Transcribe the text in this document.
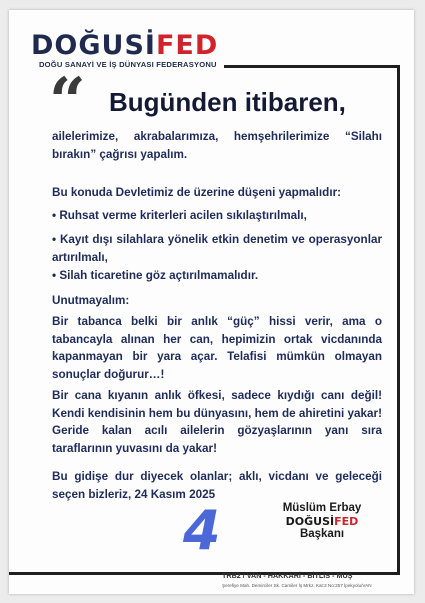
DOĞUSİ FED
DOĞU SANAYİ VE İŞ DÜNYASI FEDERASYONU
“ Bugünden itibaren,

ailelerimize, akrabalarımıza, hemşehrilerimize “Silahı bırakın” çağrısı yapalım.

Bu konuda Devletimiz de üzerine düşeni yapmalıdır:

• Ruhsat verme kriterleri acilen sıkılaştırılmalı,
• Kayıt dışı silahlara yönelik etkin denetim ve operasyonlar artırılmalı,
• Silah ticaretine göz açtırılmamalıdır.

Unutmayalım:

Bir tabanca belki bir anlık “güç” hissi verir, ama o tabancayla alınan her can, hepimizin ortak vicdanında kapanmayan bir yara açar. Telafisi mümkün olmayan sonuçlar doğurur…!

Bir cana kıyanın anlık öfkesi, sadece kıydığı canı değil! Kendi kendisinin hem bu dünyasını, hem de ahiretini yakar! Geride kalan acılı ailelerin gözyaşlarının yanı sıra taraflarının yuvasını da yakar!

Bu gidişe dur diyecek olanlar; aklı, vicdanı ve geleceği seçen bizleriz, 24 Kasım 2025

4	Müslüm Erbay
DOĞUSİFED
Başkanı
TRB2 / VAN - HAKKARİ - BİTLİS - MUŞ
Şerefiye Mah. Demirciler Sk. Camiler İş Mrkz. Kat:2 No:257 İpekyolu/VAN
